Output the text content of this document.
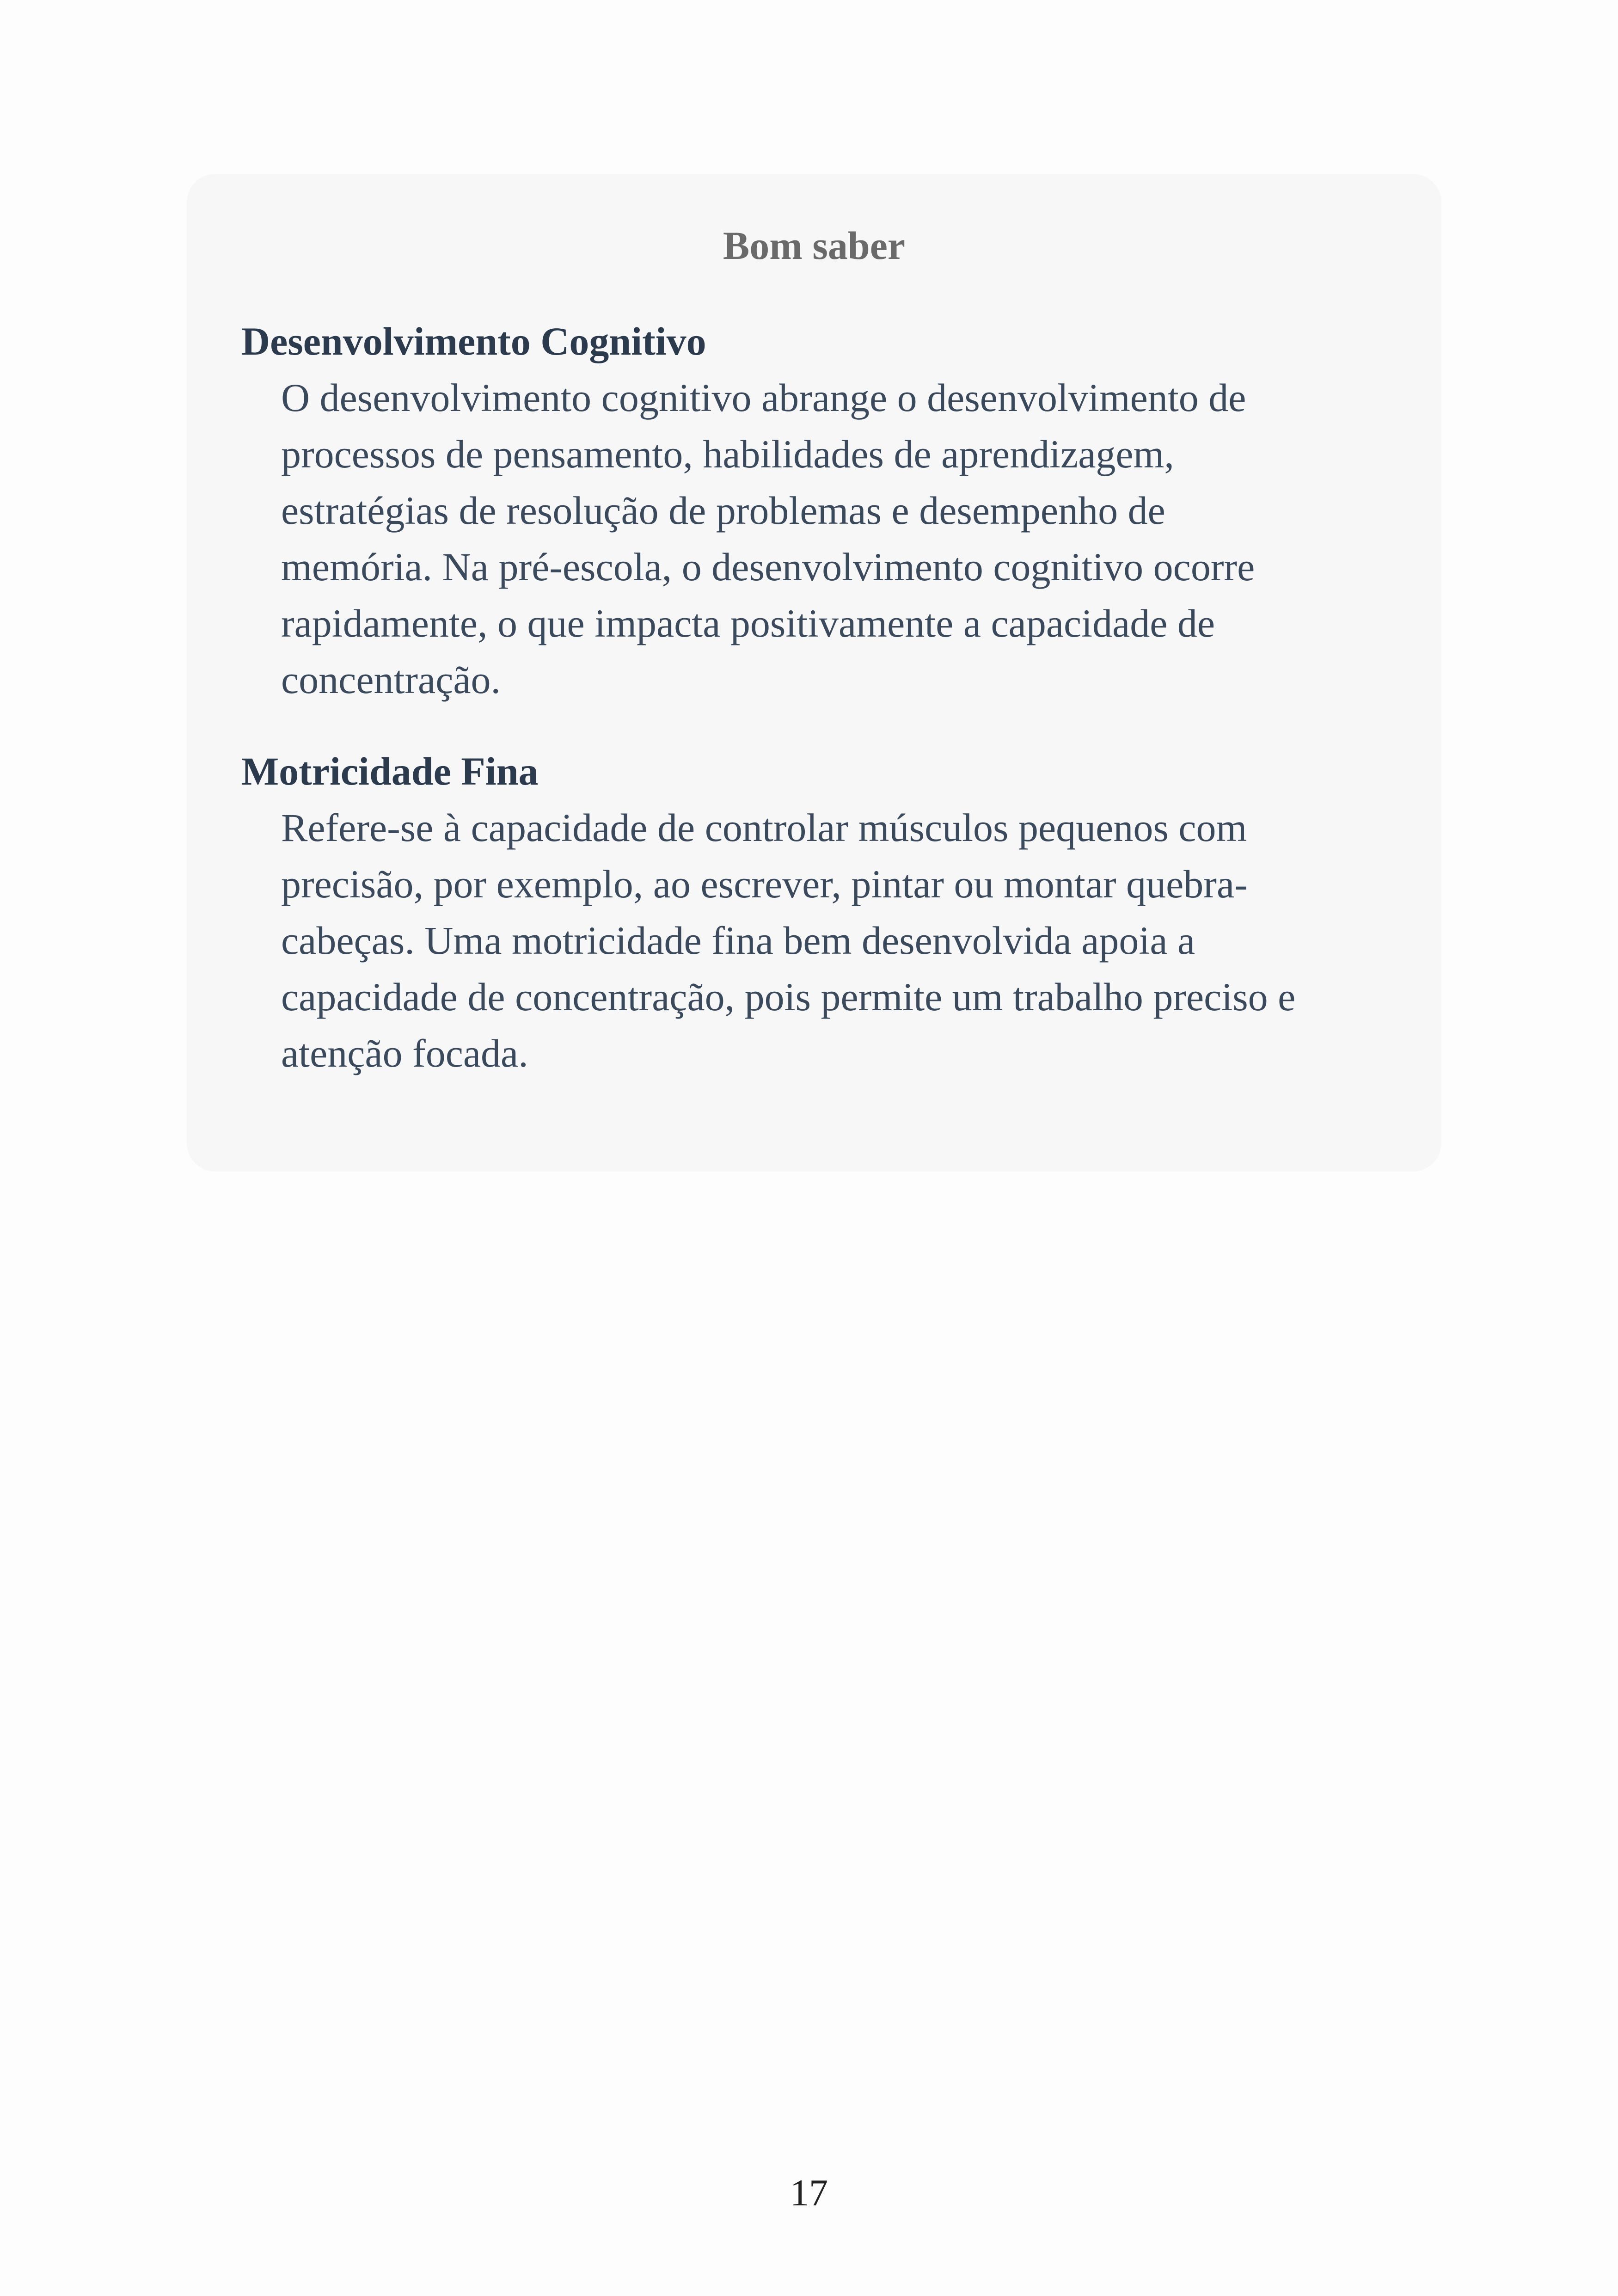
Bom saber
Desenvolvimento Cognitivo

O desenvolvimento cognitivo abrange o desenvolvimento de
processos de pensamento, habilidades de aprendizagem,
estratégias de resolução de problemas e desempenho de
memória. Na pré-escola, o desenvolvimento cognitivo ocorre
rapidamente, o que impacta positivamente a capacidade de
concentração.

Motricidade Fina

Refere-se à capacidade de controlar músculos pequenos com
precisão, por exemplo, ao escrever, pintar ou montar quebra-
cabeças. Uma motricidade fina bem desenvolvida apoia a
capacidade de concentração, pois permite um trabalho preciso e
atenção focada.

17
